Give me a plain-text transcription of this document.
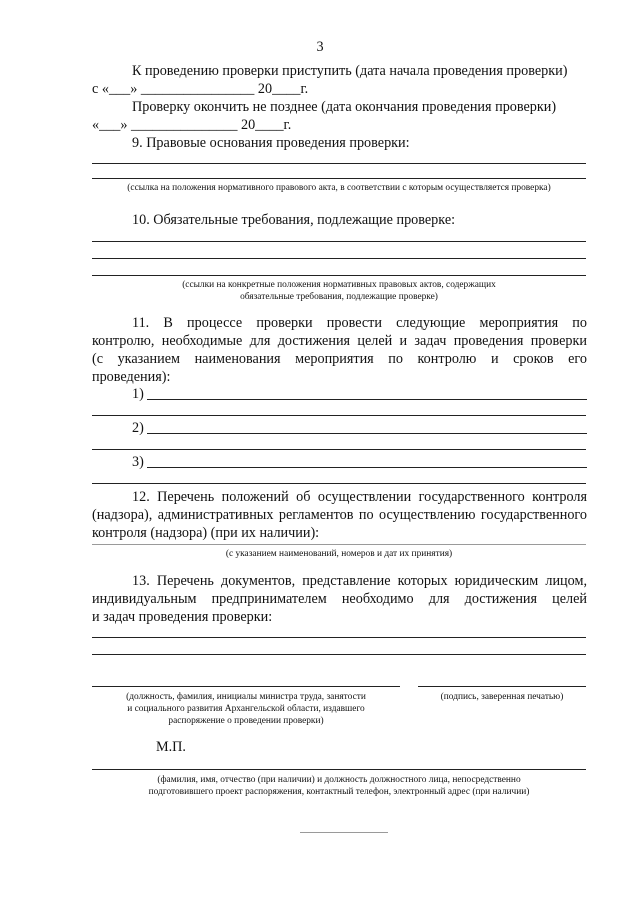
3
К проведению проверки приступить (дата начала проведения проверки)
с «___» ________________ 20____г.
Проверку окончить не позднее (дата окончания проведения проверки)
«___» _______________ 20____г.
9. Правовые основания проведения проверки:
(ссылка на положения нормативного правового акта, в соответствии с которым осуществляется проверка)
10. Обязательные требования, подлежащие проверке:
(ссылки на конкретные положения нормативных правовых актов, содержащих
обязательные требования, подлежащие проверке)
11. В процессе проверки провести следующие мероприятия по
контролю, необходимые для достижения целей и задач проведения проверки
(с указанием наименования мероприятия по контролю и сроков его
проведения):
1)
2)
3)
12. Перечень положений об осуществлении государственного контроля
(надзора), административных регламентов по осуществлению государственного
контроля (надзора) (при их наличии):
(с указанием наименований, номеров и дат их принятия)
13. Перечень документов, представление которых юридическим лицом,
индивидуальным предпринимателем необходимо для достижения целей
и задач проведения проверки:
(должность, фамилия, инициалы министра труда, занятости
и социального развития Архангельской области, издавшего
распоряжение о проведении проверки)
(подпись, заверенная печатью)
М.П.
(фамилия, имя, отчество (при наличии) и должность должностного лица, непосредственно
подготовившего проект распоряжения, контактный телефон, электронный адрес (при наличии)
